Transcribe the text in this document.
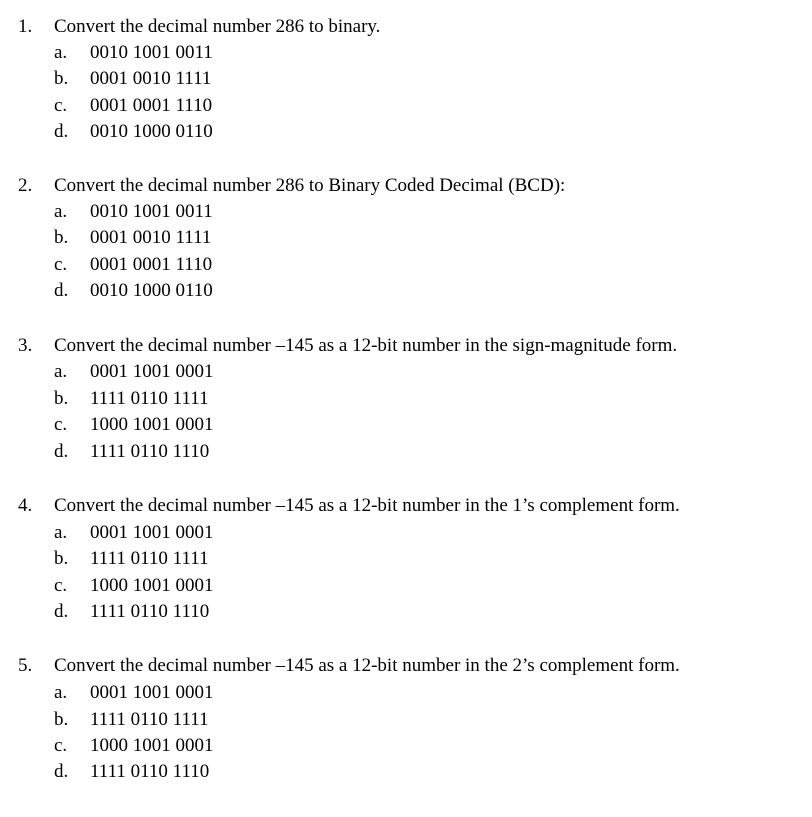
1. Convert the decimal number 286 to binary.
a. 0010 1001 0011
b. 0001 0010 1111
c. 0001 0001 1110
d. 0010 1000 0110
2. Convert the decimal number 286 to Binary Coded Decimal (BCD):
a. 0010 1001 0011
b. 0001 0010 1111
c. 0001 0001 1110
d. 0010 1000 0110
3. Convert the decimal number –145 as a 12-bit number in the sign-magnitude form.
a. 0001 1001 0001
b. 1111 0110 1111
c. 1000 1001 0001
d. 1111 0110 1110
4. Convert the decimal number –145 as a 12-bit number in the 1’s complement form.
a. 0001 1001 0001
b. 1111 0110 1111
c. 1000 1001 0001
d. 1111 0110 1110
5. Convert the decimal number –145 as a 12-bit number in the 2’s complement form.
a. 0001 1001 0001
b. 1111 0110 1111
c. 1000 1001 0001
d. 1111 0110 1110
